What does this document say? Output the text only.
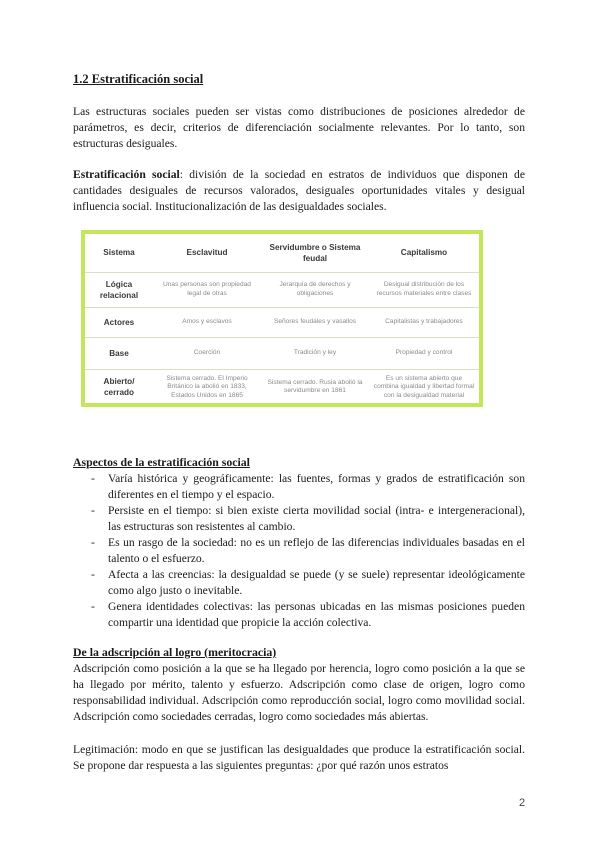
1.2 Estratificación social

Las estructuras sociales pueden ser vistas como distribuciones de posiciones alrededor de parámetros, es decir, criterios de diferenciación socialmente relevantes. Por lo tanto, son estructuras desiguales.

Estratificación social: división de la sociedad en estratos de individuos que disponen de cantidades desiguales de recursos valorados, desiguales oportunidades vitales y desigual influencia social. Institucionalización de las desigualdades sociales.

Sistema	Esclavitud	Servidumbre o Sistema feudal	Capitalismo
Lógica relacional	Unas personas son propiedad legal de otras	Jerarquía de derechos y obligaciones	Desigual distribución de los recursos materiales entre clases
Actores	Amos y esclavos	Señores feudales y vasallos	Capitalistas y trabajadores
Base	Coerción	Tradición y ley	Propiedad y control
Abierto/ cerrado	Sistema cerrado. El Imperio Británico la abolió en 1833, Estados Unidos en 1865	Sistema cerrado. Rusia abolió la servidumbre en 1861	Es un sistema abierto que combina igualdad y libertad formal con la desigualdad material
Aspectos de la estratificación social
- Varía histórica y geográficamente: las fuentes, formas y grados de estratificación son diferentes en el tiempo y el espacio.
- Persiste en el tiempo: si bien existe cierta movilidad social (intra- e intergeneracional), las estructuras son resistentes al cambio.
- Es un rasgo de la sociedad: no es un reflejo de las diferencias individuales basadas en el talento o el esfuerzo.
- Afecta a las creencias: la desigualdad se puede (y se suele) representar ideológicamente como algo justo o inevitable.
- Genera identidades colectivas: las personas ubicadas en las mismas posiciones pueden compartir una identidad que propicie la acción colectiva.
De la adscripción al logro (meritocracia)

Adscripción como posición a la que se ha llegado por herencia, logro como posición a la que se ha llegado por mérito, talento y esfuerzo. Adscripción como clase de origen, logro como responsabilidad individual. Adscripción como reproducción social, logro como movilidad social. Adscripción como sociedades cerradas, logro como sociedades más abiertas.

Legitimación: modo en que se justifican las desigualdades que produce la estratificación social. Se propone dar respuesta a las siguientes preguntas: ¿por qué razón unos estratos

2
